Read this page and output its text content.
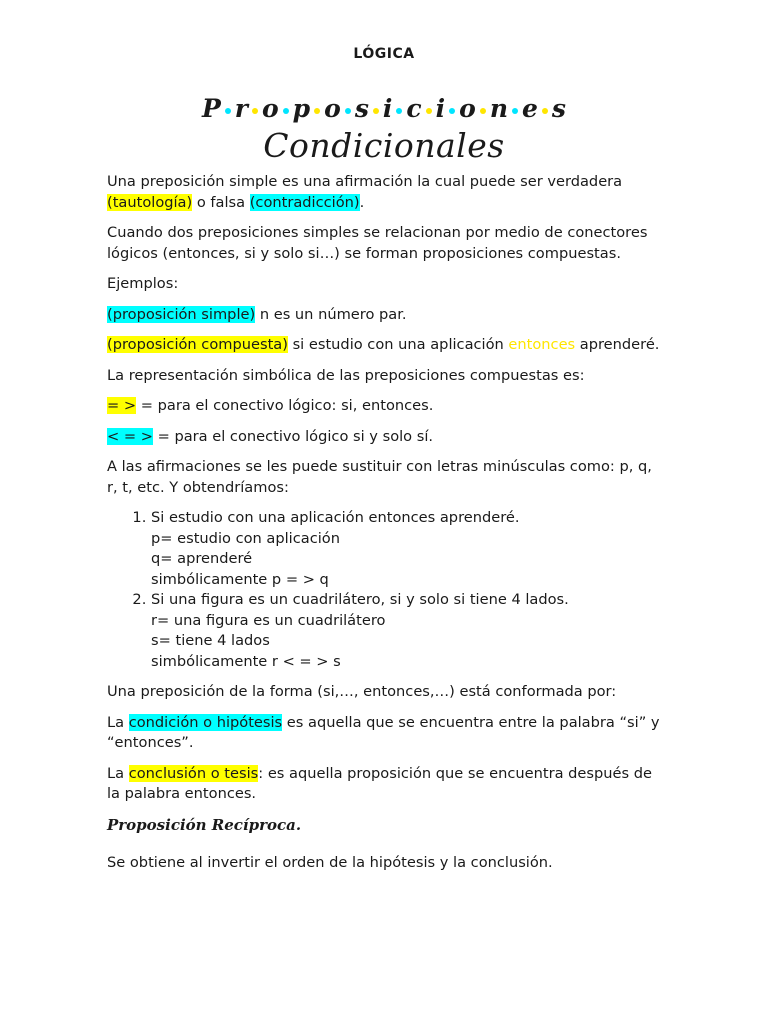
LÓGICA
P r o p o s i c i o n e s
Condicionales

Una preposición simple es una afirmación la cual puede ser verdadera (tautología) o falsa (contradicción).

Cuando dos preposiciones simples se relacionan por medio de conectores lógicos (entonces, si y solo si…) se forman proposiciones compuestas.

Ejemplos:

(proposición simple) n es un número par.

(proposición compuesta) si estudio con una aplicación entonces aprenderé.

La representación simbólica de las preposiciones compuestas es:

= > = para el conectivo lógico: si, entonces.

< = > = para el conectivo lógico si y solo sí.

A las afirmaciones se les puede sustituir con letras minúsculas como: p, q, r, t, etc. Y obtendríamos:

1. Si estudio con una aplicación entonces aprenderé.
p= estudio con aplicación
q= aprenderé
simbólicamente p = > q
2. Si una figura es un cuadrilátero, si y solo si tiene 4 lados.
r= una figura es un cuadrilátero
s= tiene 4 lados
simbólicamente r < = > s

Una preposición de la forma (si,…, entonces,…) está conformada por:

La condición o hipótesis es aquella que se encuentra entre la palabra “si” y “entonces”.

La conclusión o tesis: es aquella proposición que se encuentra después de la palabra entonces.

Proposición Recíproca.

Se obtiene al invertir el orden de la hipótesis y la conclusión.
